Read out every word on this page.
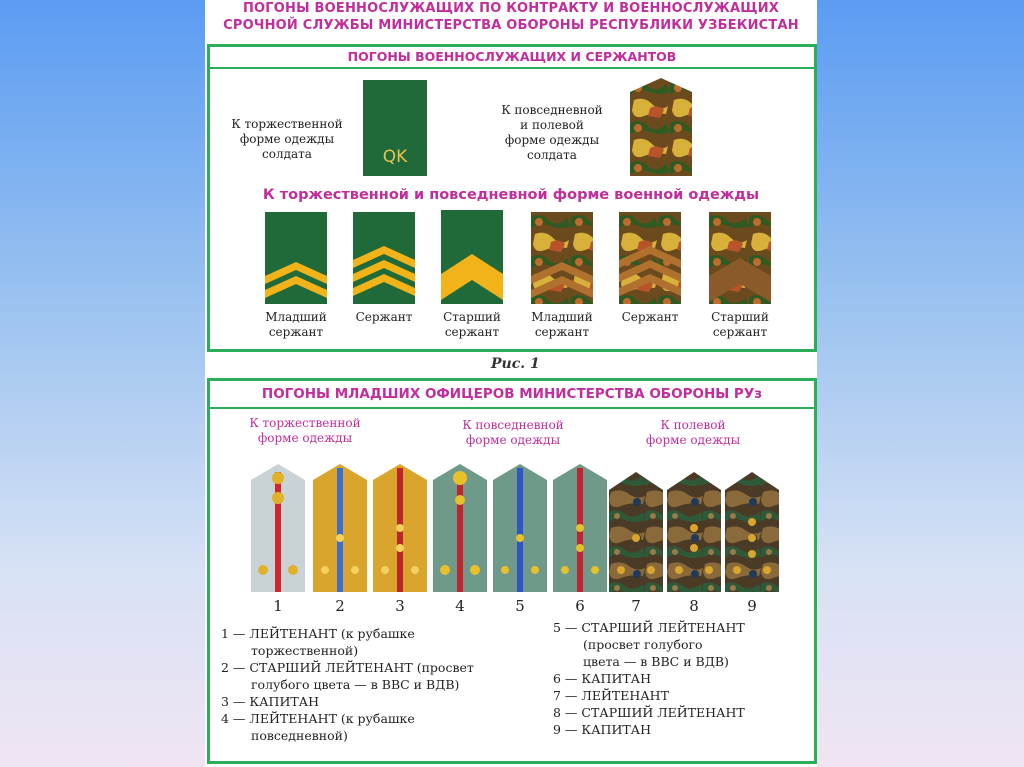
ПОГОНЫ ВОЕННОСЛУЖАЩИХ ПО КОНТРАКТУ И ВОЕННОСЛУЖАЩИХ
СРОЧНОЙ СЛУЖБЫ МИНИСТЕРСТВА ОБОРОНЫ РЕСПУБЛИКИ УЗБЕКИСТАН
ПОГОНЫ ВОЕННОСЛУЖАЩИХ И СЕРЖАНТОВ
К торжественной
форме одежды
солдата	QK
К повседневной
и полевой
форме одежды
солдата
К торжественной и повседневной форме военной одежды
Младший
сержант
Сержант	Старший
сержант
Младший
сержант
Сержант	Старший
сержант
Рис. 1
ПОГОНЫ МЛАДШИХ ОФИЦЕРОВ МИНИСТЕРСТВА ОБОРОНЫ РУз
К торжественной
форме одежды
К повседневной
форме одежды
К полевой
форме одежды
1	2	3	4	5	6	7	8	9
1 — ЛЕЙТЕНАНТ (к рубашке
торжественной)
2 — СТАРШИЙ ЛЕЙТЕНАНТ (просвет
голубого цвета — в ВВС и ВДВ)
3 — КАПИТАН
4 — ЛЕЙТЕНАНТ (к рубашке
повседневной)
5 — СТАРШИЙ ЛЕЙТЕНАНТ
(просвет голубого
цвета — в ВВС и ВДВ)
6 — КАПИТАН
7 — ЛЕЙТЕНАНТ
8 — СТАРШИЙ ЛЕЙТЕНАНТ
9 — КАПИТАН
